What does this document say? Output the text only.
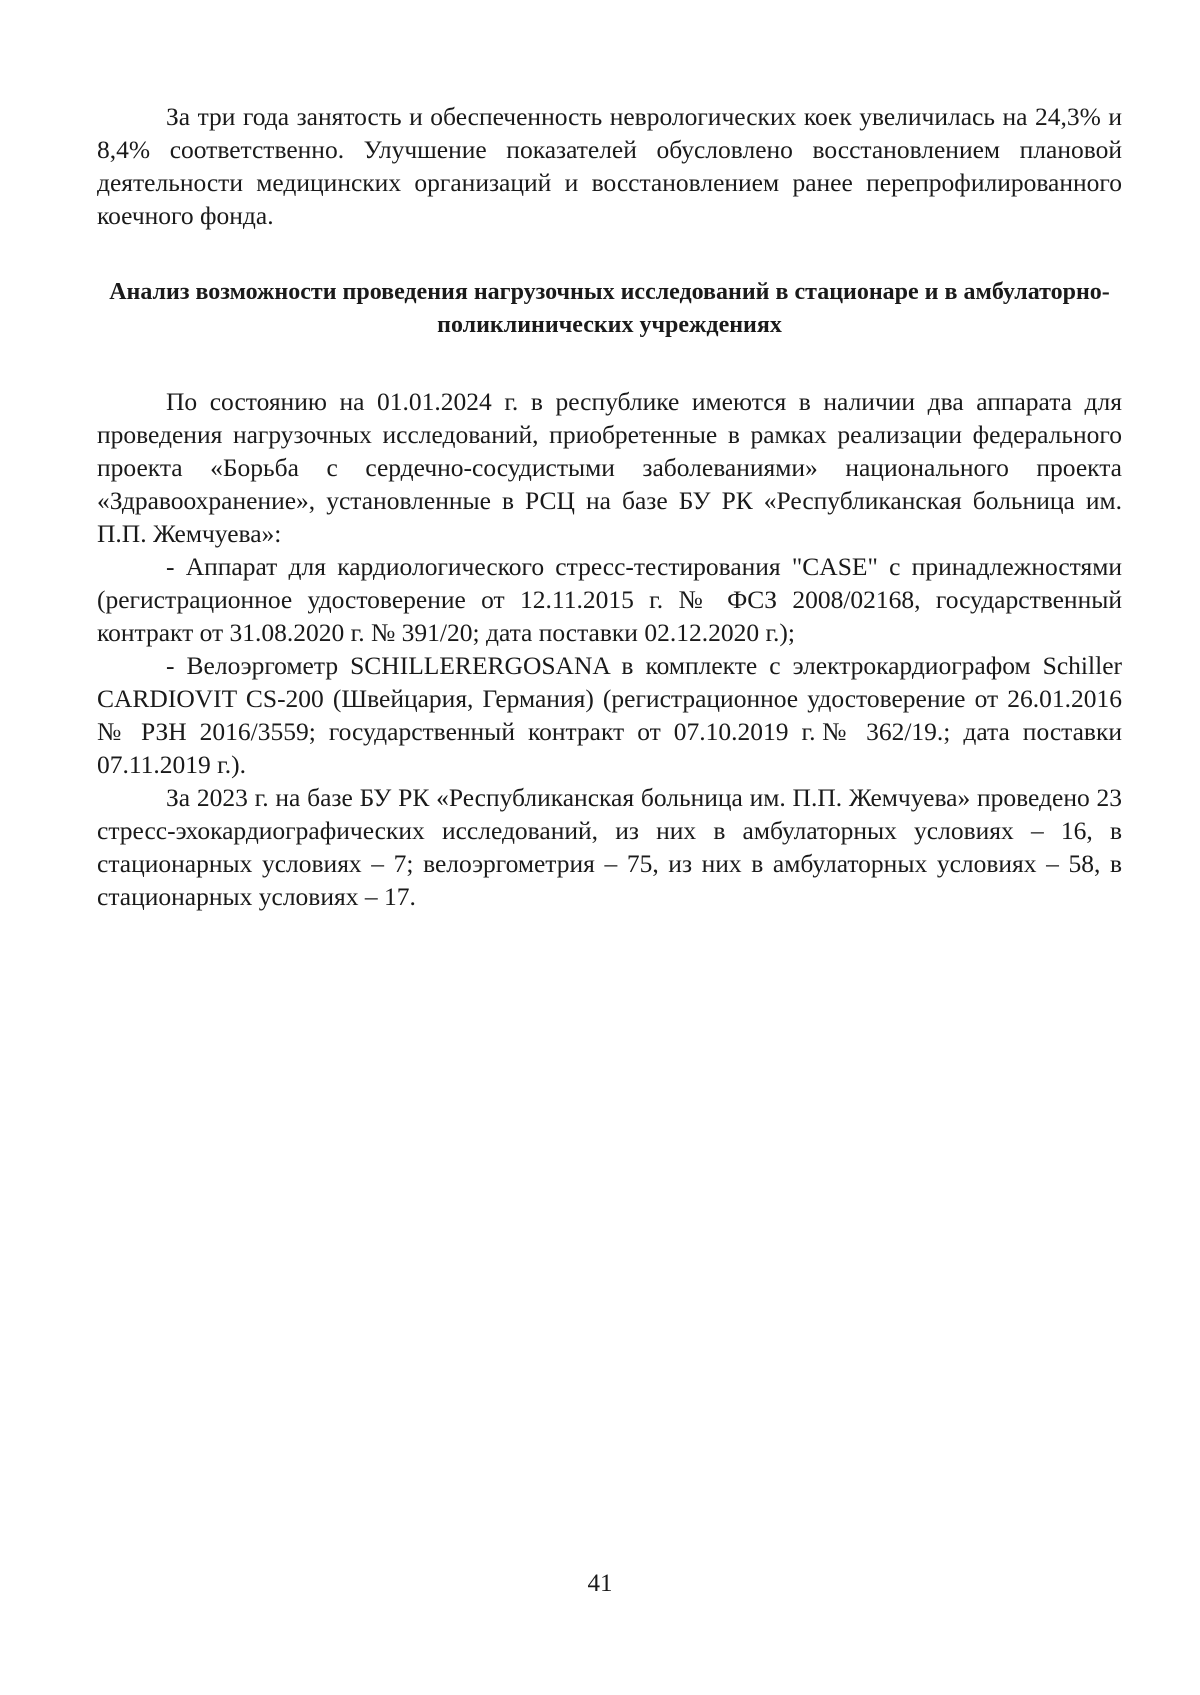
За три года занятость и обеспеченность неврологических коек увеличилась на 24,3% и 8,4% соответственно. Улучшение показателей обусловлено восстановлением плановой деятельности медицинских организаций и восстановлением ранее перепрофилированного коечного фонда.

Анализ возможности проведения нагрузочных исследований в стационаре и в амбулаторно-поликлинических учреждениях

По состоянию на 01.01.2024 г. в республике имеются в наличии два аппарата для проведения нагрузочных исследований, приобретенные в рамках реализации федерального проекта «Борьба с сердечно-сосудистыми заболеваниями» национального проекта «Здравоохранение», установленные в РСЦ на базе БУ РК «Республиканская больница им. П.П. Жемчуева»:

- Аппарат для кардиологического стресс-тестирования "CASE" с принадлежностями (регистрационное удостоверение от 12.11.2015 г. № ФСЗ 2008/02168, государственный контракт от 31.08.2020 г. № 391/20; дата поставки 02.12.2020 г.);

- Велоэргометр SCHILLERERGOSANA в комплекте с электрокардиографом Schiller CARDIOVIT CS-200 (Швейцария, Германия) (регистрационное удостоверение от 26.01.2016 № РЗН 2016/3559; государственный контракт от 07.10.2019 г.№ 362/19.; дата поставки 07.11.2019 г.).

За 2023 г. на базе БУ РК «Республиканская больница им. П.П. Жемчуева» проведено 23 стресс-эхокардиографических исследований, из них в амбулаторных условиях – 16, в стационарных условиях – 7; велоэргометрия – 75, из них в амбулаторных условиях – 58, в стационарных условиях – 17.

41
